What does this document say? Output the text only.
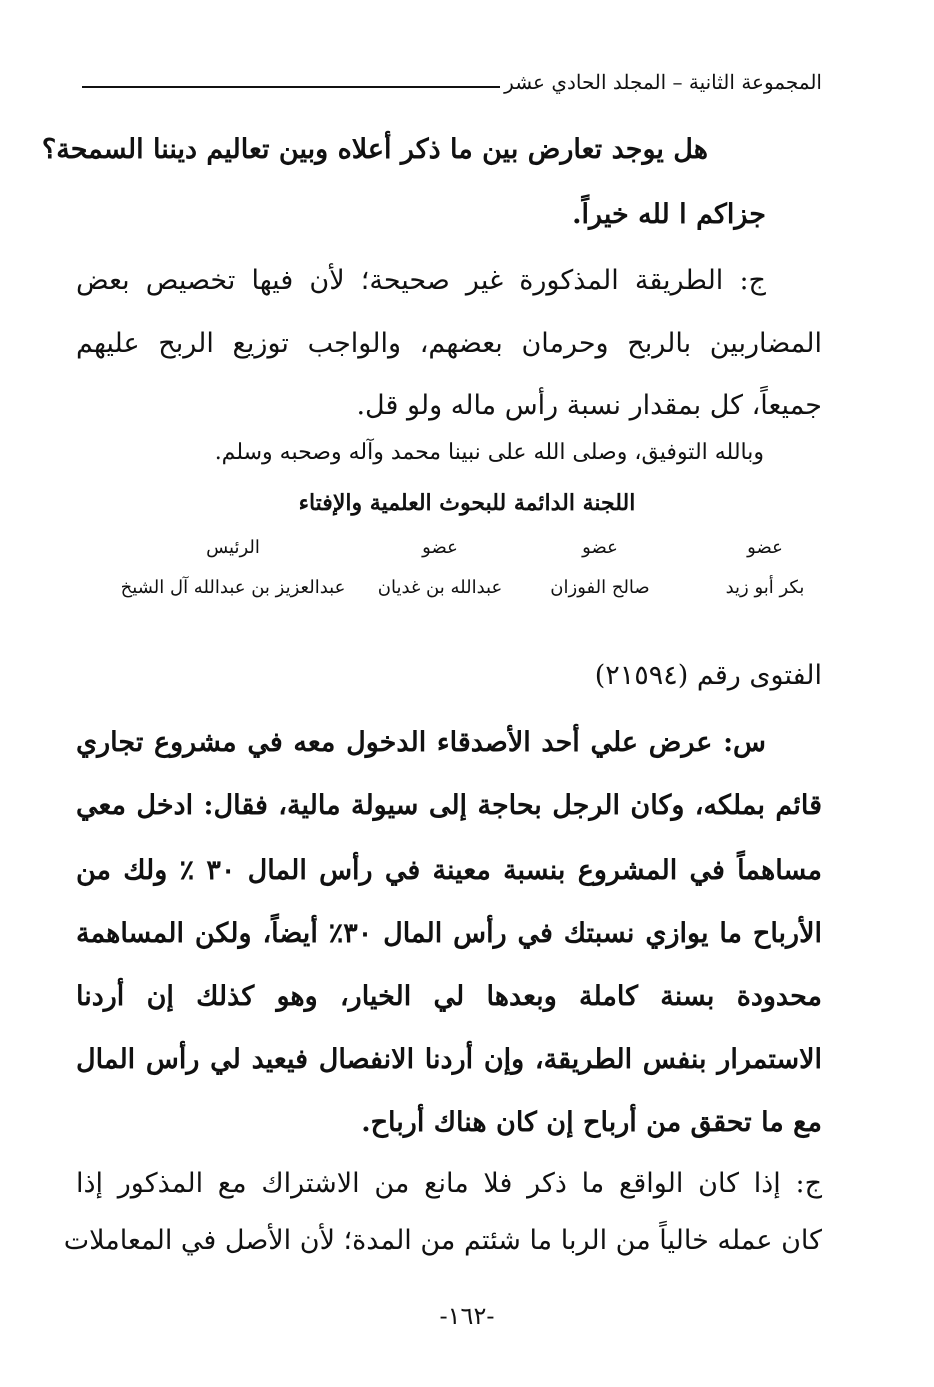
المجموعة الثانية – المجلد الحادي عشر
هل يوجد تعارض بين ما ذكر أعلاه وبين تعاليم ديننا السمحة؟
جزاكم ا لله خيراً.
ج: الطريقة المذكورة غير صحيحة؛ لأن فيها تخصيص بعض
المضاربين بالربح وحرمان بعضهم، والواجب توزيع الربح عليهم
جميعاً، كل بمقدار نسبة رأس ماله ولو قل.
وبالله التوفيق، وصلى الله على نبينا محمد وآله وصحبه وسلم.
اللجنة الدائمة للبحوث العلمية والإفتاء
عضو
بكر أبو زيد
عضو
صالح الفوزان
عضو
عبدالله بن غديان
الرئيس
عبدالعزيز بن عبدالله آل الشيخ
الفتوى رقم (٢١٥٩٤)
س: عرض علي أحد الأصدقاء الدخول معه في مشروع تجاري
قائم بملكه، وكان الرجل بحاجة إلى سيولة مالية، فقال: ادخل معي
مساهماً في المشروع بنسبة معينة في رأس المال ٣٠ ٪ ولك من
الأرباح ما يوازي نسبتك في رأس المال ٣٠٪ أيضاً، ولكن المساهمة
محدودة بسنة كاملة وبعدها لي الخيار، وهو كذلك إن أردنا
الاستمرار بنفس الطريقة، وإن أردنا الانفصال فيعيد لي رأس المال
مع ما تحقق من أرباح إن كان هناك أرباح.
ج: إذا كان الواقع ما ذكر فلا مانع من الاشتراك مع المذكور إذا
كان عمله خالياً من الربا ما شئتم من المدة؛ لأن الأصل في المعاملات
-١٦٢-
